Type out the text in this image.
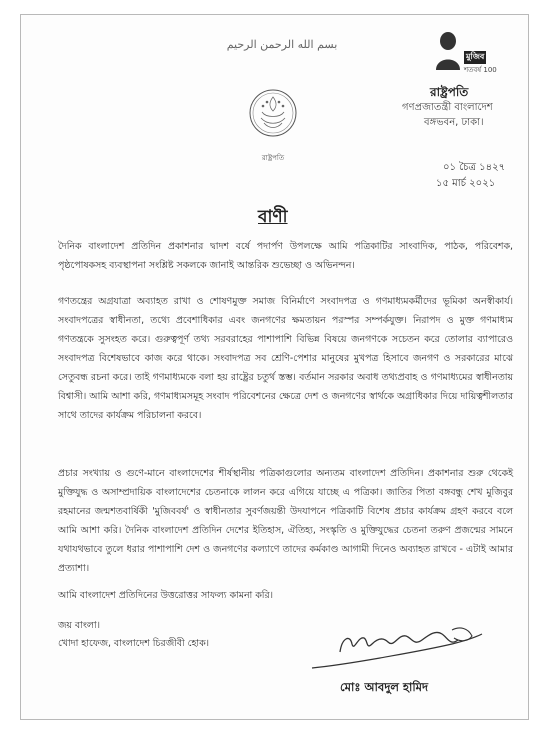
بسم الله الرحمن الرحيم
রাষ্ট্রপতি
মুজিব
শতবর্ষ 100
রাষ্ট্রপতি
গণপ্রজাতন্ত্রী বাংলাদেশ
বঙ্গভবন, ঢাকা।
০১ চৈত্র ১৪২৭
১৫ মার্চ ২০২১
বাণী

দৈনিক বাংলাদেশ প্রতিদিন প্রকাশনার দ্বাদশ বর্ষে পদার্পণ উপলক্ষে আমি পত্রিকাটির সাংবাদিক, পাঠক, পরিবেশক, পৃষ্ঠপোষকসহ ব্যবস্থাপনা সংশ্লিষ্ট সকলকে জানাই আন্তরিক শুভেচ্ছা ও অভিনন্দন।

গণতন্ত্রের অগ্রযাত্রা অব্যাহত রাখা ও শোষণমুক্ত সমাজ বিনির্মাণে সংবাদপত্র ও গণমাধ্যমকর্মীদের ভূমিকা অনস্বীকার্য। সংবাদপত্রের স্বাধীনতা, তথ্যে প্রবেশাধিকার এবং জনগণের ক্ষমতায়ন পরস্পর সম্পর্কযুক্ত। নিরাপদ ও মুক্ত গণমাধ্যম গণতন্ত্রকে সুসংহত করে। গুরুত্বপূর্ণ তথ্য সরবরাহের পাশাপাশি বিভিন্ন বিষয়ে জনগণকে সচেতন করে তোলার ব্যাপারেও সংবাদপত্র বিশেষভাবে কাজ করে থাকে। সংবাদপত্র সব শ্রেণি-পেশার মানুষের মুখপত্র হিসাবে জনগণ ও সরকারের মাঝে সেতুবন্ধ রচনা করে। তাই গণমাধ্যমকে বলা হয় রাষ্ট্রের চতুর্থ স্তম্ভ। বর্তমান সরকার অবাধ তথ্যপ্রবাহ ও গণমাধ্যমের স্বাধীনতায় বিশ্বাসী। আমি আশা করি, গণমাধ্যমসমূহ সংবাদ পরিবেশনের ক্ষেত্রে দেশ ও জনগণের স্বার্থকে অগ্রাধিকার দিয়ে দায়িত্বশীলতার সাথে তাদের কার্যক্রম পরিচালনা করবে।

প্রচার সংখ্যায় ও গুণে-মানে বাংলাদেশের শীর্ষস্থানীয় পত্রিকাগুলোর অন্যতম বাংলাদেশ প্রতিদিন। প্রকাশনার শুরু থেকেই মুক্তিযুদ্ধ ও অসাম্প্রদায়িক বাংলাদেশের চেতনাকে লালন করে এগিয়ে যাচ্ছে এ পত্রিকা। জাতির পিতা বঙ্গবন্ধু শেখ মুজিবুর রহমানের জন্মশতবার্ষিকী 'মুজিববর্ষ' ও স্বাধীনতার সুবর্ণজয়ন্তী উদযাপনে পত্রিকাটি বিশেষ প্রচার কার্যক্রম গ্রহণ করবে বলে আমি আশা করি। দৈনিক বাংলাদেশ প্রতিদিন দেশের ইতিহাস, ঐতিহ্য, সংস্কৃতি ও মুক্তিযুদ্ধের চেতনা তরুণ প্রজন্মের সামনে যথাযথভাবে তুলে ধরার পাশাপাশি দেশ ও জনগণের কল্যাণে তাদের কর্মকাণ্ড আগামী দিনেও অব্যাহত রাখবে - এটাই আমার প্রত্যাশা।

আমি বাংলাদেশ প্রতিদিনের উত্তরোত্তর সাফল্য কামনা করি।

জয় বাংলা।
খোদা হাফেজ, বাংলাদেশ চিরজীবী হোক।
মোঃ আবদুল হামিদ
